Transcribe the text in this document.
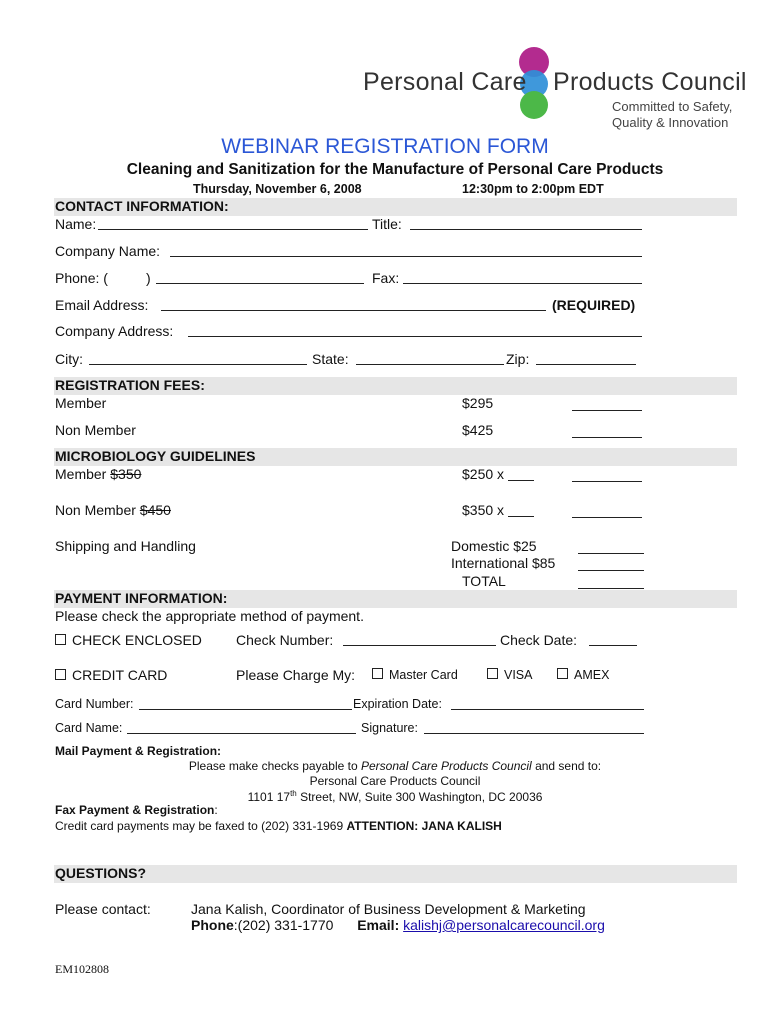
Personal Care Products Council
Committed to Safety,
Quality & Innovation
WEBINAR REGISTRATION FORM
Cleaning and Sanitization for the Manufacture of Personal Care Products
Thursday, November 6, 2008	12:30pm to 2:00pm EDT
CONTACT INFORMATION:
Name:	Title:
Company Name:
Phone: (	)	Fax:
Email Address:	(REQUIRED)
Company Address:
City:	State:	Zip:
REGISTRATION FEES:
Member	$295
Non Member	$425
MICROBIOLOGY GUIDELINES
Member $350	$250 x
Non Member $450	$350 x
Shipping and Handling	Domestic $25
International $85
TOTAL
PAYMENT INFORMATION:
Please check the appropriate method of payment.
CHECK ENCLOSED Check Number:	Check Date:
CREDIT CARD	Please Charge My:	Master Card	VISA	AMEX
Card Number:	Expiration Date:
Card Name:	Signature:
Mail Payment & Registration:
Please make checks payable to Personal Care Products Council and send to:
Personal Care Products Council
1101 17th Street, NW, Suite 300 Washington, DC 20036
Fax Payment & Registration:
Credit card payments may be faxed to (202) 331-1969 ATTENTION: JANA KALISH
QUESTIONS?
Please contact:	Jana Kalish, Coordinator of Business Development & Marketing
Phone:(202) 331-1770 Email: kalishj@personalcarecouncil.org
EM102808
